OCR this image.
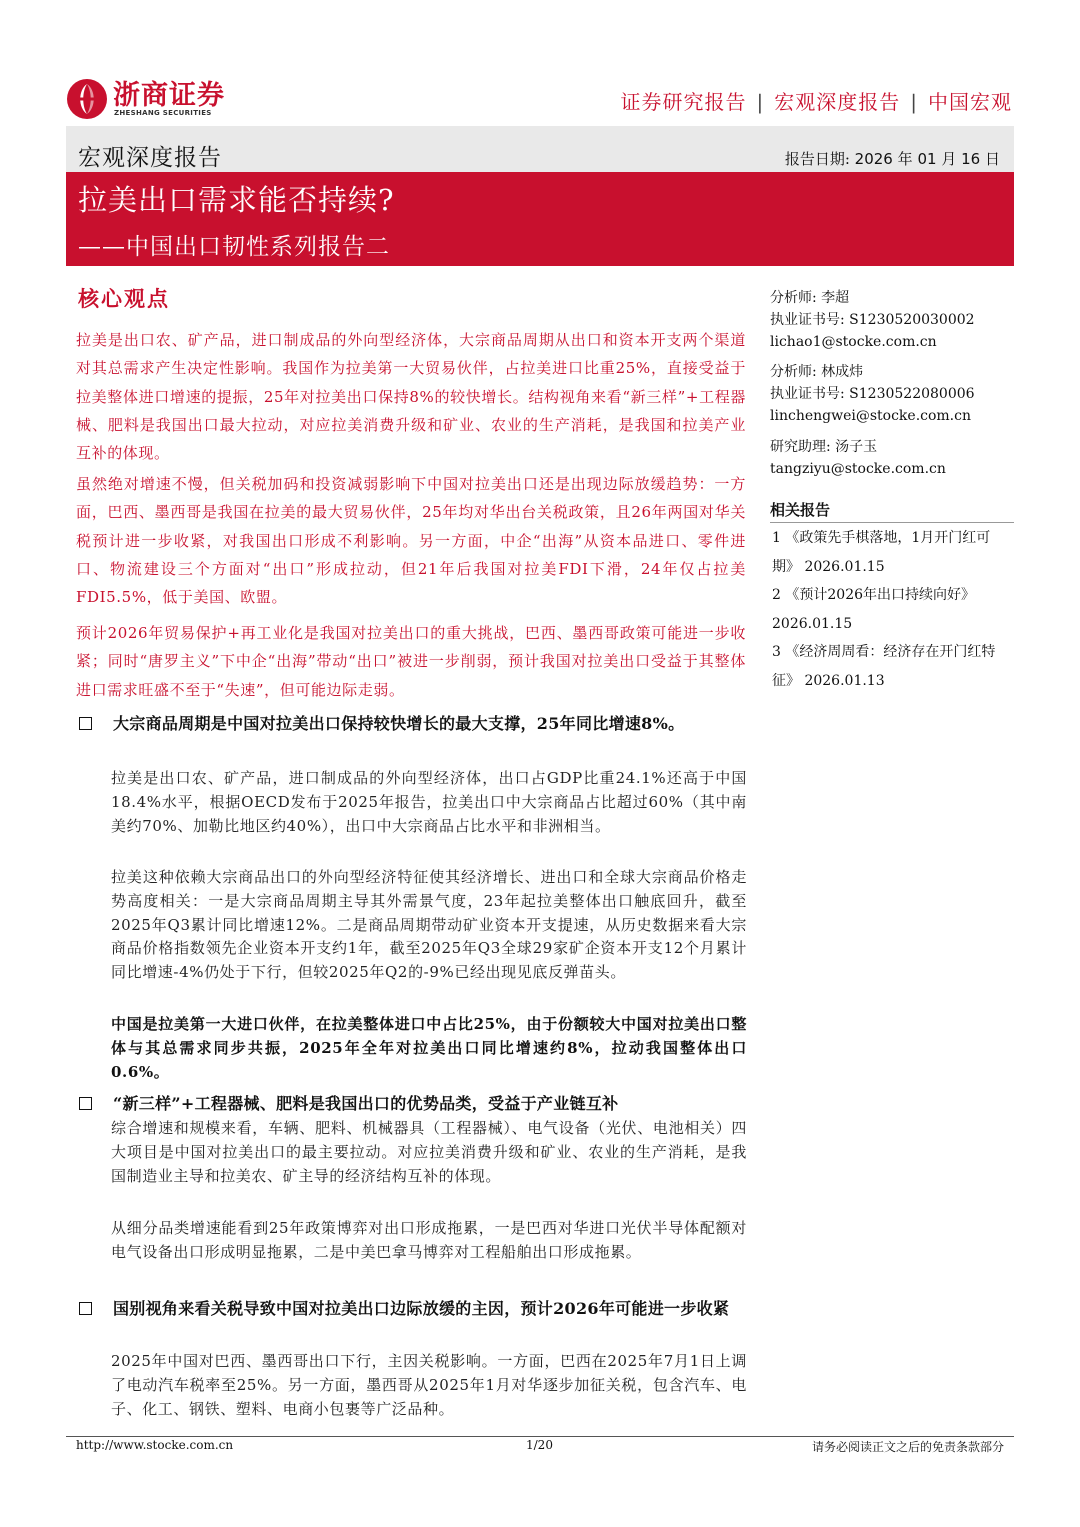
浙商证券
ZHESHANG SECURITIES	证券研究报告 | 宏观深度报告 | 中国宏观
宏观深度报告	报告日期: 2026 年 01 月 16 日
拉美出口需求能否持续?
——中国出口韧性系列报告二
核心观点
拉美是出口农、矿产品，进口制成品的外向型经济体，大宗商品周期从出口和资本开支两个渠道对其总需求产生决定性影响。我国作为拉美第一大贸易伙伴，占拉美进口比重25%，直接受益于拉美整体进口增速的提振，25年对拉美出口保持8%的较快增长。结构视角来看“新三样”+工程器械、肥料是我国出口最大拉动，对应拉美消费升级和矿业、农业的生产消耗，是我国和拉美产业互补的体现。
虽然绝对增速不慢，但关税加码和投资减弱影响下中国对拉美出口还是出现边际放缓趋势：一方面，巴西、墨西哥是我国在拉美的最大贸易伙伴，25年均对华出台关税政策，且26年两国对华关税预计进一步收紧，对我国出口形成不利影响。另一方面，中企“出海”从资本品进口、零件进口、物流建设三个方面对“出口”形成拉动，但21年后我国对拉美FDI下滑，24年仅占拉美FDI5.5%，低于美国、欧盟。
预计2026年贸易保护+再工业化是我国对拉美出口的重大挑战，巴西、墨西哥政策可能进一步收紧；同时“唐罗主义”下中企“出海”带动“出口”被进一步削弱，预计我国对拉美出口受益于其整体进口需求旺盛不至于“失速”，但可能边际走弱。
分析师: 李超
执业证书号: S1230520030002
lichao1@stocke.com.cn
分析师: 林成炜
执业证书号: S1230522080006
linchengwei@stocke.com.cn
研究助理: 汤子玉
tangziyu@stocke.com.cn
相关报告
1 《政策先手棋落地，1月开门红可期》 2026.01.15
2 《预计2026年出口持续向好》 2026.01.15
3 《经济周周看：经济存在开门红特征》 2026.01.13
大宗商品周期是中国对拉美出口保持较快增长的最大支撑，25年同比增速8%。
拉美是出口农、矿产品，进口制成品的外向型经济体，出口占GDP比重24.1%还高于中国18.4%水平，根据OECD发布于2025年报告，拉美出口中大宗商品占比超过60%（其中南美约70%、加勒比地区约40%），出口中大宗商品占比水平和非洲相当。
拉美这种依赖大宗商品出口的外向型经济特征使其经济增长、进出口和全球大宗商品价格走势高度相关：一是大宗商品周期主导其外需景气度，23年起拉美整体出口触底回升，截至2025年Q3累计同比增速12%。二是商品周期带动矿业资本开支提速，从历史数据来看大宗商品价格指数领先企业资本开支约1年，截至2025年Q3全球29家矿企资本开支12个月累计同比增速-4%仍处于下行，但较2025年Q2的-9%已经出现见底反弹苗头。
中国是拉美第一大进口伙伴，在拉美整体进口中占比25%，由于份额较大中国对拉美出口整体与其总需求同步共振，2025年全年对拉美出口同比增速约8%，拉动我国整体出口0.6%。
“新三样”+工程器械、肥料是我国出口的优势品类，受益于产业链互补
综合增速和规模来看，车辆、肥料、机械器具（工程器械）、电气设备（光伏、电池相关）四大项目是中国对拉美出口的最主要拉动。对应拉美消费升级和矿业、农业的生产消耗，是我国制造业主导和拉美农、矿主导的经济结构互补的体现。
从细分品类增速能看到25年政策博弈对出口形成拖累，一是巴西对华进口光伏半导体配额对电气设备出口形成明显拖累，二是中美巴拿马博弈对工程船舶出口形成拖累。
国别视角来看关税导致中国对拉美出口边际放缓的主因，预计2026年可能进一步收紧
2025年中国对巴西、墨西哥出口下行，主因关税影响。一方面，巴西在2025年7月1日上调了电动汽车税率至25%。另一方面，墨西哥从2025年1月对华逐步加征关税，包含汽车、电子、化工、钢铁、塑料、电商小包裹等广泛品种。
http://www.stocke.com.cn	1/20	请务必阅读正文之后的免责条款部分
